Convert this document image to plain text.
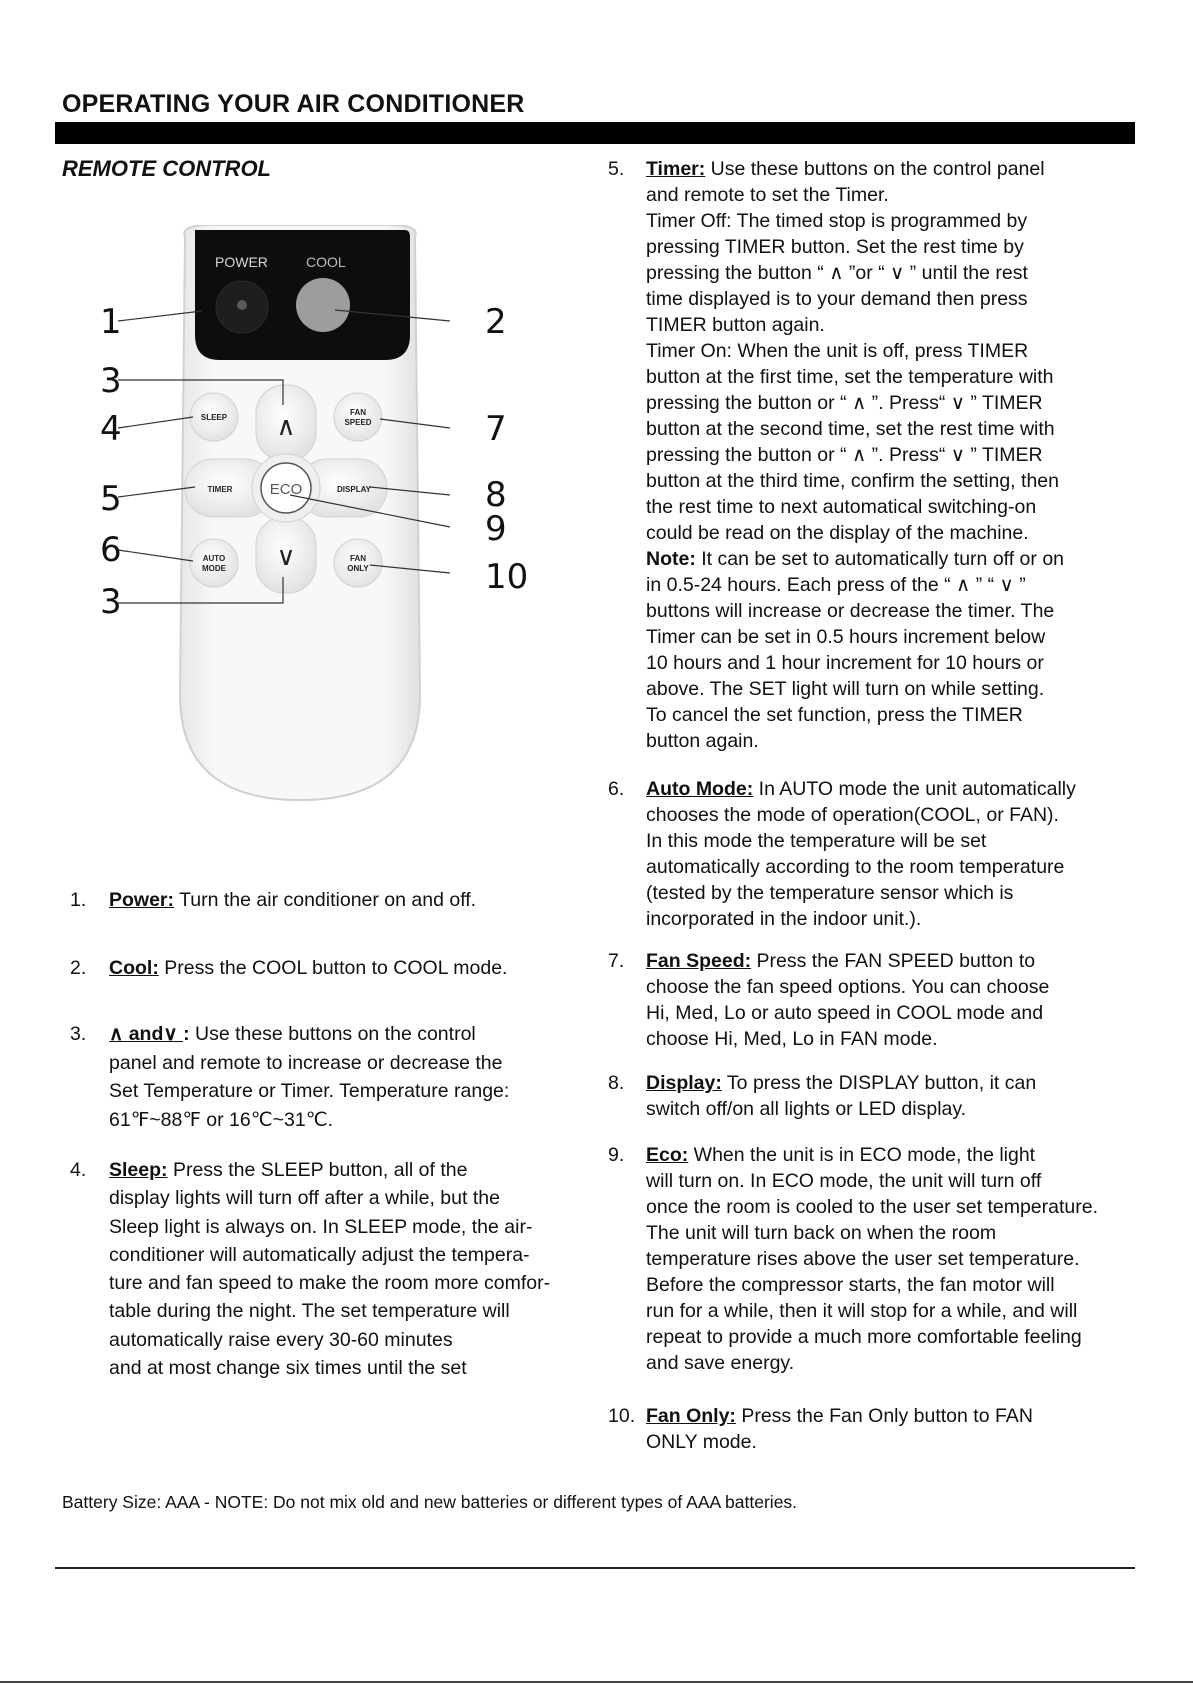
OPERATING YOUR AIR CONDITIONER
REMOTE CONTROL
POWER	COOL
SLEEP
FAN
SPEED
AUTO
MODE
FAN
ONLY
TIMER	DISPLAY
∧
∨
ECO
1	2
3
4	7
5	8
9
6
10
3
1. Power: Turn the air conditioner on and off.
2. Cool: Press the COOL button to COOL mode.
3. ∧ and∨ : Use these buttons on the control
panel and remote to increase or decrease the
Set Temperature or Timer. Temperature range:
61℉~88℉ or 16℃~31℃.
4. Sleep: Press the SLEEP button, all of the
display lights will turn off after a while, but the
Sleep light is always on. In SLEEP mode, the air-
conditioner will automatically adjust the tempera-
ture and fan speed to make the room more comfor-
table during the night. The set temperature will
automatically raise every 30-60 minutes
and at most change six times until the set
5. Timer: Use these buttons on the control panel
and remote to set the Timer.
Timer Off: The timed stop is programmed by
pressing TIMER button. Set the rest time by
pressing the button “ ∧ ”or “ ∨ ” until the rest
time displayed is to your demand then press
TIMER button again.
Timer On: When the unit is off, press TIMER
button at the first time, set the temperature with
pressing the button or “ ∧ ”. Press“ ∨ ” TIMER
button at the second time, set the rest time with
pressing the button or “ ∧ ”. Press“ ∨ ” TIMER
button at the third time, confirm the setting, then
the rest time to next automatical switching-on
could be read on the display of the machine.
Note: It can be set to automatically turn off or on
in 0.5-24 hours. Each press of the “ ∧ ” “ ∨ ”
buttons will increase or decrease the timer. The
Timer can be set in 0.5 hours increment below
10 hours and 1 hour increment for 10 hours or
above. The SET light will turn on while setting.
To cancel the set function, press the TIMER
button again.
6. Auto Mode: In AUTO mode the unit automatically
chooses the mode of operation(COOL, or FAN).
In this mode the temperature will be set
automatically according to the room temperature
(tested by the temperature sensor which is
incorporated in the indoor unit.).
7. Fan Speed: Press the FAN SPEED button to
choose the fan speed options. You can choose
Hi, Med, Lo or auto speed in COOL mode and
choose Hi, Med, Lo in FAN mode.
8. Display: To press the DISPLAY button, it can
switch off/on all lights or LED display.
9. Eco: When the unit is in ECO mode, the light
will turn on. In ECO mode, the unit will turn off
once the room is cooled to the user set temperature.
The unit will turn back on when the room
temperature rises above the user set temperature.
Before the compressor starts, the fan motor will
run for a while, then it will stop for a while, and will
repeat to provide a much more comfortable feeling
and save energy.
10. Fan Only: Press the Fan Only button to FAN
ONLY mode.
Battery Size: AAA - NOTE: Do not mix old and new batteries or different types of AAA batteries.
